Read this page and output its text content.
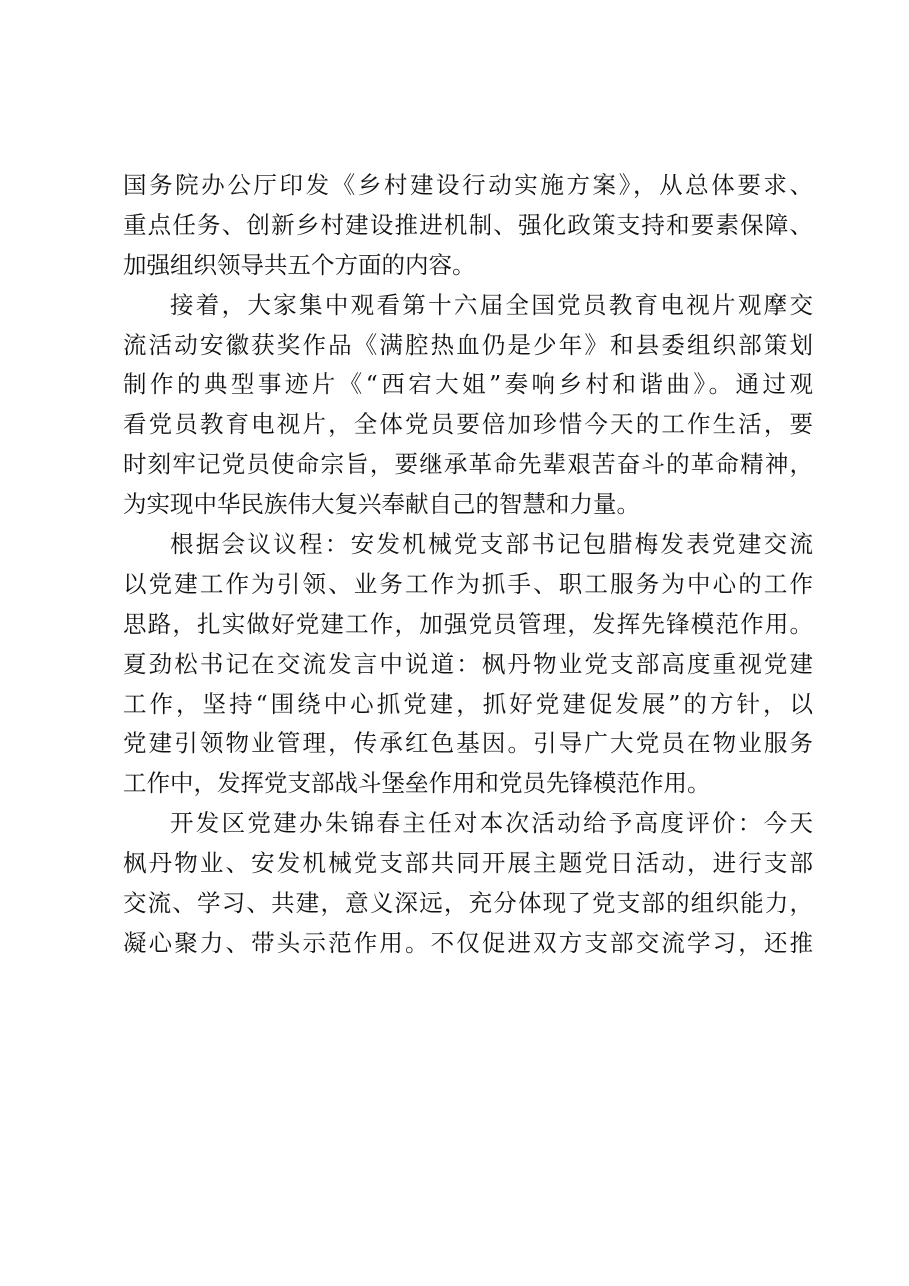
国务院办公厅印发《乡村建设行动实施方案》，从总体要求、
重点任务、创新乡村建设推进机制、强化政策支持和要素保障、
加强组织领导共五个方面的内容。
接着，大家集中观看第十六届全国党员教育电视片观摩交
流活动安徽获奖作品《满腔热血仍是少年》和县委组织部策划
制作的典型事迹片《“西宕大姐”奏响乡村和谐曲》。通过观
看党员教育电视片，全体党员要倍加珍惜今天的工作生活，要
时刻牢记党员使命宗旨，要继承革命先辈艰苦奋斗的革命精神，
为实现中华民族伟大复兴奉献自己的智慧和力量。
根据会议议程：安发机械党支部书记包腊梅发表党建交流
以党建工作为引领、业务工作为抓手、职工服务为中心的工作
思路，扎实做好党建工作，加强党员管理，发挥先锋模范作用。
夏劲松书记在交流发言中说道：枫丹物业党支部高度重视党建
工作，坚持“围绕中心抓党建，抓好党建促发展”的方针，以
党建引领物业管理，传承红色基因。引导广大党员在物业服务
工作中，发挥党支部战斗堡垒作用和党员先锋模范作用。
开发区党建办朱锦春主任对本次活动给予高度评价：今天
枫丹物业、安发机械党支部共同开展主题党日活动，进行支部
交流、学习、共建，意义深远，充分体现了党支部的组织能力，
凝心聚力、带头示范作用。不仅促进双方支部交流学习，还推
